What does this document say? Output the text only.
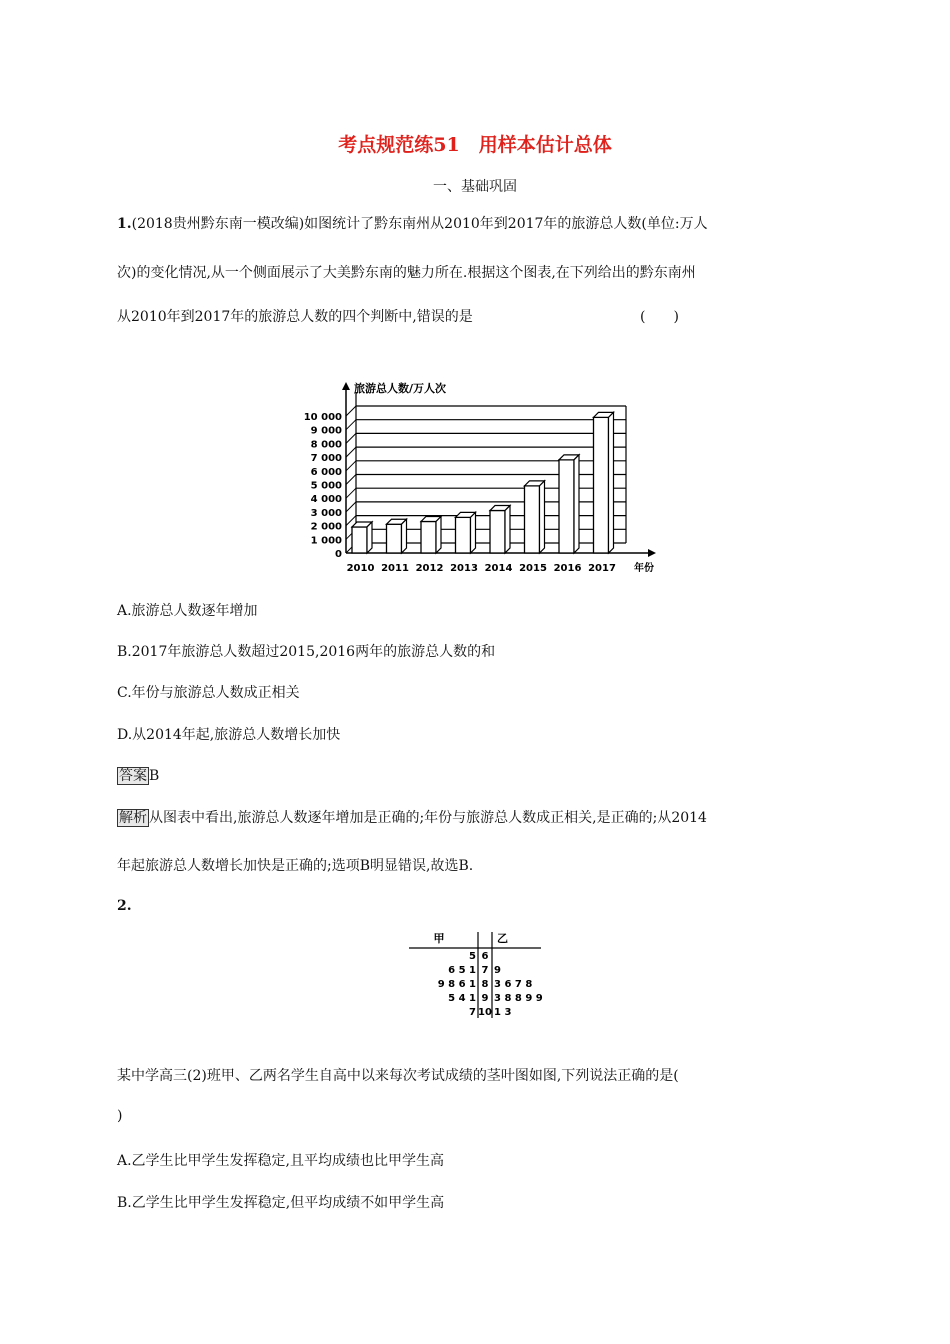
考点规范练51　用样本估计总体
一、基础巩固
1.(2018贵州黔东南一模改编)如图统计了黔东南州从2010年到2017年的旅游总人数(单位:万人
次)的变化情况,从一个侧面展示了大美黔东南的魅力所在.根据这个图表,在下列给出的黔东南州
从2010年到2017年的旅游总人数的四个判断中,错误的是	(　　)
0
1 000
2 000
3 000
4 000
5 000
6 000
7 000
8 000
9 000
10 000
旅游总人数/万人次
年份
2010 2011 2012 2013 2014 2015 2016 2017
A.旅游总人数逐年增加
B.2017年旅游总人数超过2015,2016两年的旅游总人数的和
C.年份与旅游总人数成正相关
D.从2014年起,旅游总人数增长加快
答案 B
解析 从图表中看出,旅游总人数逐年增加是正确的;年份与旅游总人数成正相关,是正确的;从2014
年起旅游总人数增长加快是正确的;选项B明显错误,故选B.
2.
甲	乙
5 6
6 5 1 7 9
9 8 6 1 8 3 6 7 8
5 4 1 9 3 8 8 9 9
7 10 1 3
某中学高三(2)班甲、乙两名学生自高中以来每次考试成绩的茎叶图如图,下列说法正确的是(
)
A.乙学生比甲学生发挥稳定,且平均成绩也比甲学生高
B.乙学生比甲学生发挥稳定,但平均成绩不如甲学生高
